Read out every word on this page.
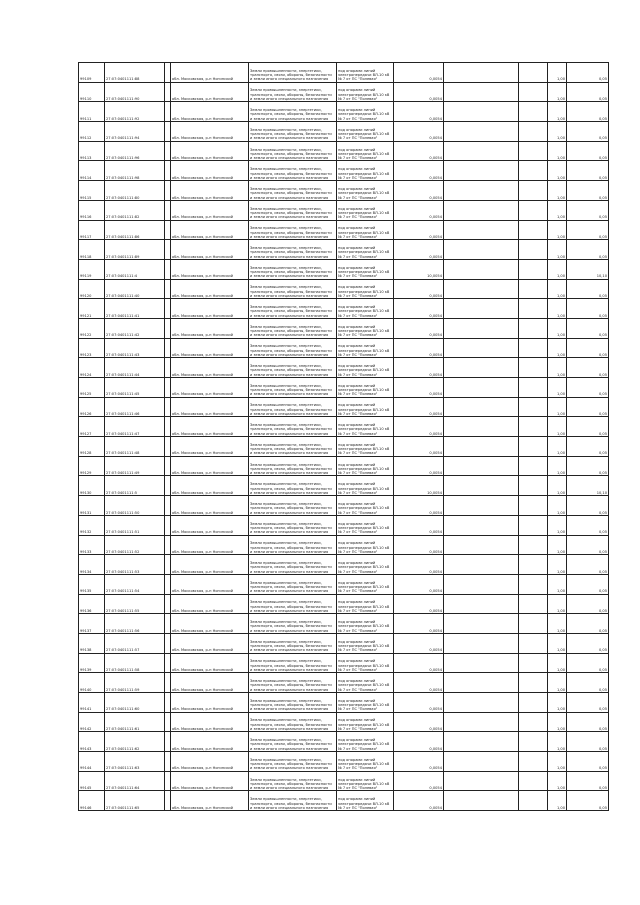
99109	27:07:0401111:88		обл. Московская, р-н Ногинский	Земли промышленности, энергетики, транспорта, связи, обороны, безопасности и земли иного специального назначения	под опорами линий электропередачи ВЛ-10 кВ № 7 от ПС "Полевая"	0,0054			1,00	0,05
99110	27:07:0401111:90		обл. Московская, р-н Ногинский	Земли промышленности, энергетики, транспорта, связи, обороны, безопасности и земли иного специального назначения	под опорами линий электропередачи ВЛ-10 кВ № 7 от ПС "Полевая"	0,0054			1,00	0,05
99111	27:07:0401111:92		обл. Московская, р-н Ногинский	Земли промышленности, энергетики, транспорта, связи, обороны, безопасности и земли иного специального назначения	под опорами линий электропередачи ВЛ-10 кВ № 7 от ПС "Полевая"	0,0054			1,00	0,05
99112	27:07:0401111:94		обл. Московская, р-н Ногинский	Земли промышленности, энергетики, транспорта, связи, обороны, безопасности и земли иного специального назначения	под опорами линий электропередачи ВЛ-10 кВ № 7 от ПС "Полевая"	0,0054			1,00	0,05
99113	27:07:0401111:96		обл. Московская, р-н Ногинский	Земли промышленности, энергетики, транспорта, связи, обороны, безопасности и земли иного специального назначения	под опорами линий электропередачи ВЛ-10 кВ № 7 от ПС "Полевая"	0,0054			1,00	0,05
99114	27:07:0401111:98		обл. Московская, р-н Ногинский	Земли промышленности, энергетики, транспорта, связи, обороны, безопасности и земли иного специального назначения	под опорами линий электропередачи ВЛ-10 кВ № 7 от ПС "Полевая"	0,0054			1,00	0,05
99115	27:07:0401111:80		обл. Московская, р-н Ногинский	Земли промышленности, энергетики, транспорта, связи, обороны, безопасности и земли иного специального назначения	под опорами линий электропередачи ВЛ-10 кВ № 7 от ПС "Полевая"	0,0054			1,00	0,05
99116	27:07:0401111:82		обл. Московская, р-н Ногинский	Земли промышленности, энергетики, транспорта, связи, обороны, безопасности и земли иного специального назначения	под опорами линий электропередачи ВЛ-10 кВ № 7 от ПС "Полевая"	0,0054			1,00	0,05
99117	27:07:0401111:86		обл. Московская, р-н Ногинский	Земли промышленности, энергетики, транспорта, связи, обороны, безопасности и земли иного специального назначения	под опорами линий электропередачи ВЛ-10 кВ № 7 от ПС "Полевая"	0,0054			1,00	0,05
99118	27:07:0401111:89		обл. Московская, р-н Ногинский	Земли промышленности, энергетики, транспорта, связи, обороны, безопасности и земли иного специального назначения	под опорами линий электропередачи ВЛ-10 кВ № 7 от ПС "Полевая"	0,0054			1,00	0,05
99119	27:07:0401111:4		обл. Московская, р-н Ногинский	Земли промышленности, энергетики, транспорта, связи, обороны, безопасности и земли иного специального назначения	под опорами линий электропередачи ВЛ-10 кВ № 7 от ПС "Полевая"	10,0054			1,00	10,10
99120	27:07:0401111:40		обл. Московская, р-н Ногинский	Земли промышленности, энергетики, транспорта, связи, обороны, безопасности и земли иного специального назначения	под опорами линий электропередачи ВЛ-10 кВ № 7 от ПС "Полевая"	0,0054			1,00	0,05
99121	27:07:0401111:41		обл. Московская, р-н Ногинский	Земли промышленности, энергетики, транспорта, связи, обороны, безопасности и земли иного специального назначения	под опорами линий электропередачи ВЛ-10 кВ № 7 от ПС "Полевая"	0,0054			1,00	0,05
99122	27:07:0401111:42		обл. Московская, р-н Ногинский	Земли промышленности, энергетики, транспорта, связи, обороны, безопасности и земли иного специального назначения	под опорами линий электропередачи ВЛ-10 кВ № 7 от ПС "Полевая"	0,0054			1,00	0,05
99123	27:07:0401111:43		обл. Московская, р-н Ногинский	Земли промышленности, энергетики, транспорта, связи, обороны, безопасности и земли иного специального назначения	под опорами линий электропередачи ВЛ-10 кВ № 7 от ПС "Полевая"	0,0054			1,00	0,05
99124	27:07:0401111:44		обл. Московская, р-н Ногинский	Земли промышленности, энергетики, транспорта, связи, обороны, безопасности и земли иного специального назначения	под опорами линий электропередачи ВЛ-10 кВ № 7 от ПС "Полевая"	0,0054			1,00	0,05
99125	27:07:0401111:45		обл. Московская, р-н Ногинский	Земли промышленности, энергетики, транспорта, связи, обороны, безопасности и земли иного специального назначения	под опорами линий электропередачи ВЛ-10 кВ № 7 от ПС "Полевая"	0,0054			1,00	0,05
99126	27:07:0401111:46		обл. Московская, р-н Ногинский	Земли промышленности, энергетики, транспорта, связи, обороны, безопасности и земли иного специального назначения	под опорами линий электропередачи ВЛ-10 кВ № 7 от ПС "Полевая"	0,0054			1,00	0,05
99127	27:07:0401111:47		обл. Московская, р-н Ногинский	Земли промышленности, энергетики, транспорта, связи, обороны, безопасности и земли иного специального назначения	под опорами линий электропередачи ВЛ-10 кВ № 7 от ПС "Полевая"	0,0054			1,00	0,05
99128	27:07:0401111:48		обл. Московская, р-н Ногинский	Земли промышленности, энергетики, транспорта, связи, обороны, безопасности и земли иного специального назначения	под опорами линий электропередачи ВЛ-10 кВ № 7 от ПС "Полевая"	0,0054			1,00	0,05
99129	27:07:0401111:49		обл. Московская, р-н Ногинский	Земли промышленности, энергетики, транспорта, связи, обороны, безопасности и земли иного специального назначения	под опорами линий электропередачи ВЛ-10 кВ № 7 от ПС "Полевая"	0,0054			1,00	0,05
99130	27:07:0401111:5		обл. Московская, р-н Ногинский	Земли промышленности, энергетики, транспорта, связи, обороны, безопасности и земли иного специального назначения	под опорами линий электропередачи ВЛ-10 кВ № 7 от ПС "Полевая"	10,0054			1,00	10,10
99131	27:07:0401111:50		обл. Московская, р-н Ногинский	Земли промышленности, энергетики, транспорта, связи, обороны, безопасности и земли иного специального назначения	под опорами линий электропередачи ВЛ-10 кВ № 7 от ПС "Полевая"	0,0054			1,00	0,05
99132	27:07:0401111:51		обл. Московская, р-н Ногинский	Земли промышленности, энергетики, транспорта, связи, обороны, безопасности и земли иного специального назначения	под опорами линий электропередачи ВЛ-10 кВ № 7 от ПС "Полевая"	0,0054			1,00	0,05
99133	27:07:0401111:52		обл. Московская, р-н Ногинский	Земли промышленности, энергетики, транспорта, связи, обороны, безопасности и земли иного специального назначения	под опорами линий электропередачи ВЛ-10 кВ № 7 от ПС "Полевая"	0,0054			1,00	0,05
99134	27:07:0401111:53		обл. Московская, р-н Ногинский	Земли промышленности, энергетики, транспорта, связи, обороны, безопасности и земли иного специального назначения	под опорами линий электропередачи ВЛ-10 кВ № 7 от ПС "Полевая"	0,0054			1,00	0,05
99135	27:07:0401111:54		обл. Московская, р-н Ногинский	Земли промышленности, энергетики, транспорта, связи, обороны, безопасности и земли иного специального назначения	под опорами линий электропередачи ВЛ-10 кВ № 7 от ПС "Полевая"	0,0054			1,00	0,05
99136	27:07:0401111:55		обл. Московская, р-н Ногинский	Земли промышленности, энергетики, транспорта, связи, обороны, безопасности и земли иного специального назначения	под опорами линий электропередачи ВЛ-10 кВ № 7 от ПС "Полевая"	0,0054			1,00	0,05
99137	27:07:0401111:56		обл. Московская, р-н Ногинский	Земли промышленности, энергетики, транспорта, связи, обороны, безопасности и земли иного специального назначения	под опорами линий электропередачи ВЛ-10 кВ № 7 от ПС "Полевая"	0,0054			1,00	0,05
99138	27:07:0401111:57		обл. Московская, р-н Ногинский	Земли промышленности, энергетики, транспорта, связи, обороны, безопасности и земли иного специального назначения	под опорами линий электропередачи ВЛ-10 кВ № 7 от ПС "Полевая"	0,0054			1,00	0,05
99139	27:07:0401111:58		обл. Московская, р-н Ногинский	Земли промышленности, энергетики, транспорта, связи, обороны, безопасности и земли иного специального назначения	под опорами линий электропередачи ВЛ-10 кВ № 7 от ПС "Полевая"	0,0054			1,00	0,05
99140	27:07:0401111:59		обл. Московская, р-н Ногинский	Земли промышленности, энергетики, транспорта, связи, обороны, безопасности и земли иного специального назначения	под опорами линий электропередачи ВЛ-10 кВ № 7 от ПС "Полевая"	0,0054			1,00	0,05
99141	27:07:0401111:60		обл. Московская, р-н Ногинский	Земли промышленности, энергетики, транспорта, связи, обороны, безопасности и земли иного специального назначения	под опорами линий электропередачи ВЛ-10 кВ № 7 от ПС "Полевая"	0,0054			1,00	0,05
99142	27:07:0401111:61		обл. Московская, р-н Ногинский	Земли промышленности, энергетики, транспорта, связи, обороны, безопасности и земли иного специального назначения	под опорами линий электропередачи ВЛ-10 кВ № 7 от ПС "Полевая"	0,0054			1,00	0,05
99143	27:07:0401111:62		обл. Московская, р-н Ногинский	Земли промышленности, энергетики, транспорта, связи, обороны, безопасности и земли иного специального назначения	под опорами линий электропередачи ВЛ-10 кВ № 7 от ПС "Полевая"	0,0054			1,00	0,05
99144	27:07:0401111:63		обл. Московская, р-н Ногинский	Земли промышленности, энергетики, транспорта, связи, обороны, безопасности и земли иного специального назначения	под опорами линий электропередачи ВЛ-10 кВ № 7 от ПС "Полевая"	0,0054			1,00	0,05
99145	27:07:0401111:64		обл. Московская, р-н Ногинский	Земли промышленности, энергетики, транспорта, связи, обороны, безопасности и земли иного специального назначения	под опорами линий электропередачи ВЛ-10 кВ № 7 от ПС "Полевая"	0,0054			1,00	0,05
99146	27:07:0401111:65		обл. Московская, р-н Ногинский	Земли промышленности, энергетики, транспорта, связи, обороны, безопасности и земли иного специального назначения	под опорами линий электропередачи ВЛ-10 кВ № 7 от ПС "Полевая"	0,0054			1,00	0,05
